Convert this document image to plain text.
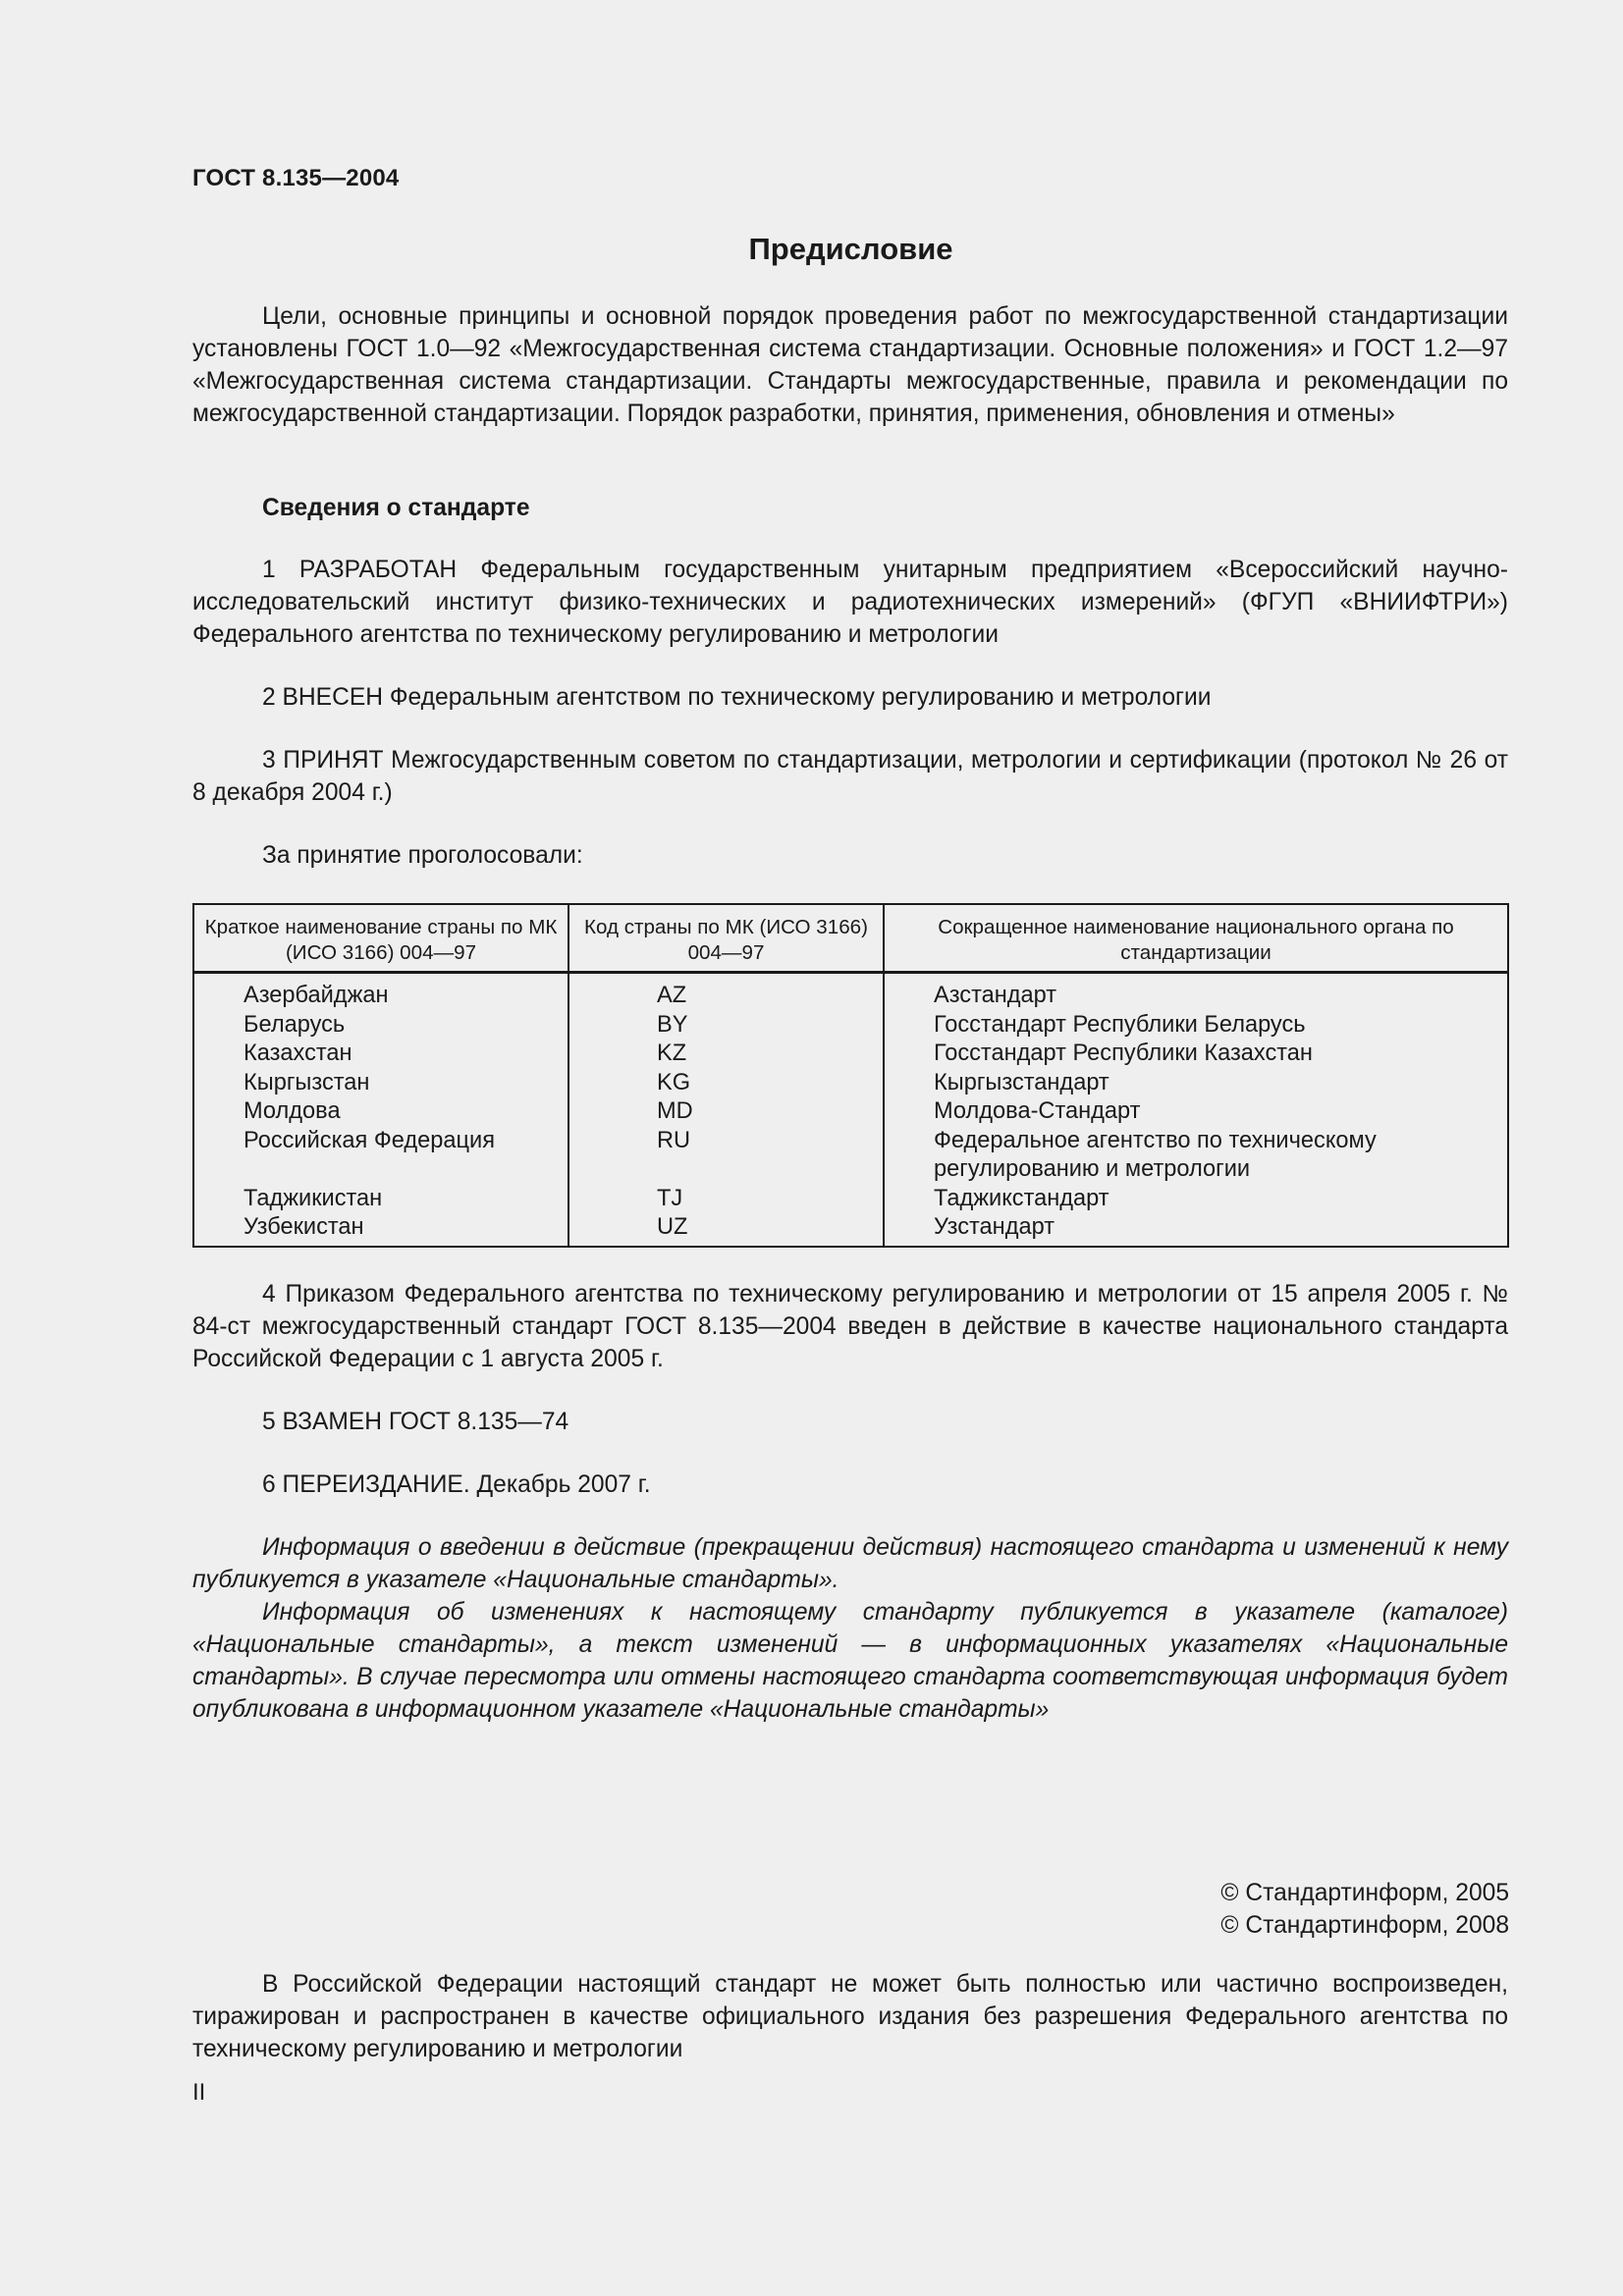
ГОСТ 8.135—2004
Предисловие

Цели, основные принципы и основной порядок проведения работ по межгосударственной стандартизации установлены ГОСТ 1.0—92 «Межгосударственная система стандартизации. Основные положения» и ГОСТ 1.2—97 «Межгосударственная система стандартизации. Стандарты межгосударственные, правила и рекомендации по межгосударственной стандартизации. Порядок разработки, принятия, применения, обновления и отмены»

Сведения о стандарте

1 РАЗРАБОТАН Федеральным государственным унитарным предприятием «Всероссийский научно-исследовательский институт физико-технических и радиотехнических измерений» (ФГУП «ВНИИФТРИ») Федерального агентства по техническому регулированию и метрологии

2 ВНЕСЕН Федеральным агентством по техническому регулированию и метрологии

3 ПРИНЯТ Межгосударственным советом по стандартизации, метрологии и сертификации (протокол № 26 от 8 декабря 2004 г.)

За принятие проголосовали:

Краткое наименование страны по МК (ИСО 3166) 004—97	Код страны по МК (ИСО 3166) 004—97	Сокращенное наименование национального органа по стандартизации
Азербайджан	AZ	Азстандарт
Беларусь	BY	Госстандарт Республики Беларусь
Казахстан	KZ	Госстандарт Республики Казахстан
Кыргызстан	KG	Кыргызстандарт
Молдова	MD	Молдова-Стандарт
Российская Федерация	RU	Федеральное агентство по техническому регулированию и метрологии
Таджикистан	TJ	Таджикстандарт
Узбекистан	UZ	Узстандарт

4 Приказом Федерального агентства по техническому регулированию и метрологии от 15 апреля 2005 г. № 84-ст межгосударственный стандарт ГОСТ 8.135—2004 введен в действие в качестве национального стандарта Российской Федерации с 1 августа 2005 г.

5 ВЗАМЕН ГОСТ 8.135—74

6 ПЕРЕИЗДАНИЕ. Декабрь 2007 г.

Информация о введении в действие (прекращении действия) настоящего стандарта и изменений к нему публикуется в указателе «Национальные стандарты».

Информация об изменениях к настоящему стандарту публикуется в указателе (каталоге) «Национальные стандарты», а текст изменений — в информационных указателях «Национальные стандарты». В случае пересмотра или отмены настоящего стандарта соответствующая информация будет опубликована в информационном указателе «Национальные стандарты»

© Стандартинформ, 2005
© Стандартинформ, 2008

В Российской Федерации настоящий стандарт не может быть полностью или частично воспроизведен, тиражирован и распространен в качестве официального издания без разрешения Федерального агентства по техническому регулированию и метрологии

II
